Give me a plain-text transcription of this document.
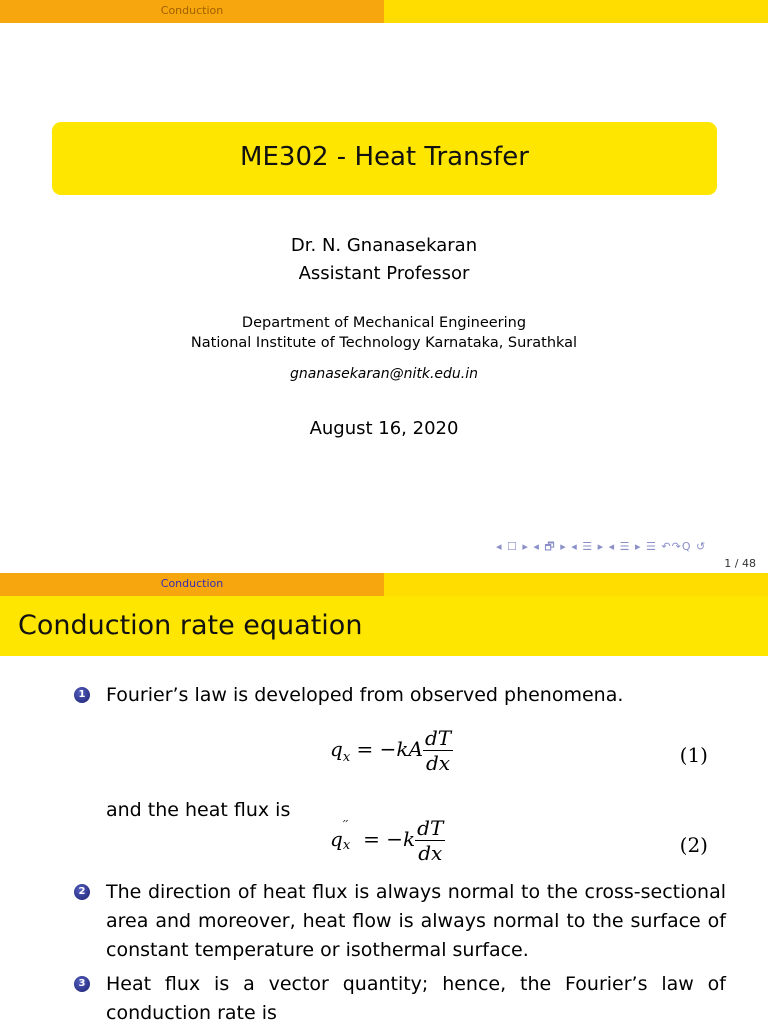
Conduction
ME302 - Heat Transfer
Dr. N. Gnanasekaran
Assistant Professor
Department of Mechanical Engineering
National Institute of Technology Karnataka, Surathkal
gnanasekaran@nitk.edu.in
August 16, 2020
◂ ☐ ▸ ◂ 🗗 ▸ ◂ ☰ ▸ ◂ ☰ ▸ ☰ ↶↷Q ↺
1 / 48
Conduction
Conduction rate equation
1 Fourier’s law is developed from observed phenomena.
$q_x = -kA \frac{dT}{dx}$	(1)
and the heat flux is
q
′′
$x = -k \frac{dT}{dx}$	(2)
2 The direction of heat flux is always normal to the cross-sectional area and moreover, heat flow is always normal to the surface of constant temperature or isothermal surface.
3 Heat flux is a vector quantity; hence, the Fourier’s law of conduction rate is
